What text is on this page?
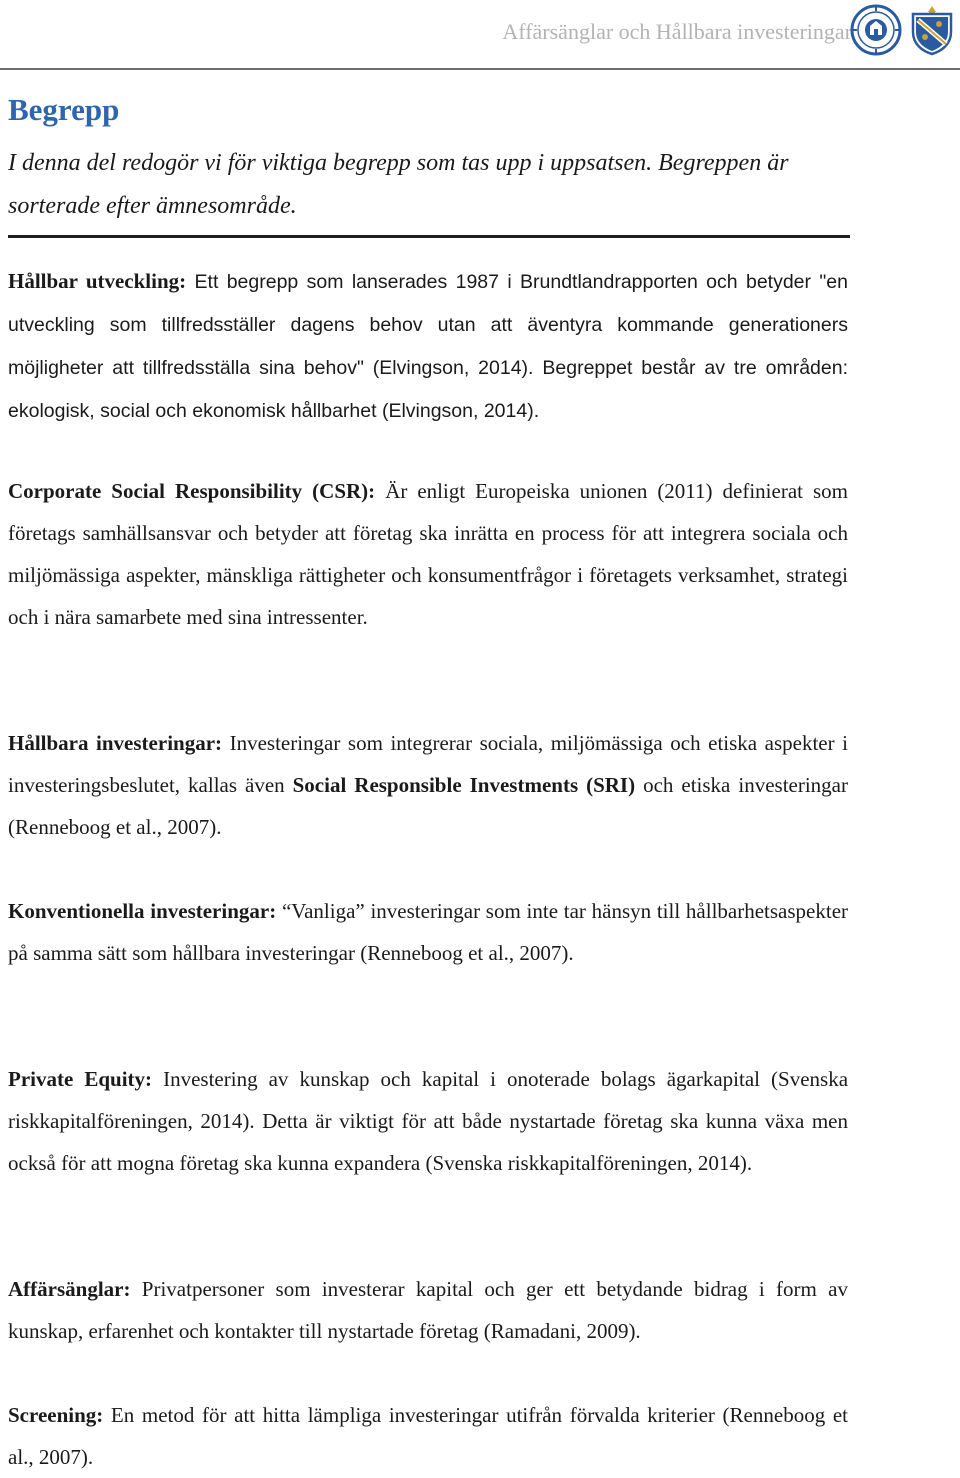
Affärsänglar och Hållbara investeringar
Begrepp
I denna del redogör vi för viktiga begrepp som tas upp i uppsatsen. Begreppen är sorterade efter ämnesområde.

Hållbar utveckling: Ett begrepp som lanserades 1987 i Brundtlandrapporten och betyder "en utveckling som tillfredsställer dagens behov utan att äventyra kommande generationers möjligheter att tillfredsställa sina behov" (Elvingson, 2014). Begreppet består av tre områden: ekologisk, social och ekonomisk hållbarhet (Elvingson, 2014).

Corporate Social Responsibility (CSR): Är enligt Europeiska unionen (2011) definierat som företags samhällsansvar och betyder att företag ska inrätta en process för att integrera sociala och miljömässiga aspekter, mänskliga rättigheter och konsumentfrågor i företagets verksamhet, strategi och i nära samarbete med sina intressenter.

Hållbara investeringar: Investeringar som integrerar sociala, miljömässiga och etiska aspekter i investeringsbeslutet, kallas även Social Responsible Investments (SRI) och etiska investeringar (Renneboog et al., 2007).

Konventionella investeringar: “Vanliga” investeringar som inte tar hänsyn till hållbarhetsaspekter på samma sätt som hållbara investeringar (Renneboog et al., 2007).

Private Equity: Investering av kunskap och kapital i onoterade bolags ägarkapital (Svenska riskkapitalföreningen, 2014). Detta är viktigt för att både nystartade företag ska kunna växa men också för att mogna företag ska kunna expandera (Svenska riskkapitalföreningen, 2014).

Affärsänglar: Privatpersoner som investerar kapital och ger ett betydande bidrag i form av kunskap, erfarenhet och kontakter till nystartade företag (Ramadani, 2009).

Screening: En metod för att hitta lämpliga investeringar utifrån förvalda kriterier (Renneboog et al., 2007).
